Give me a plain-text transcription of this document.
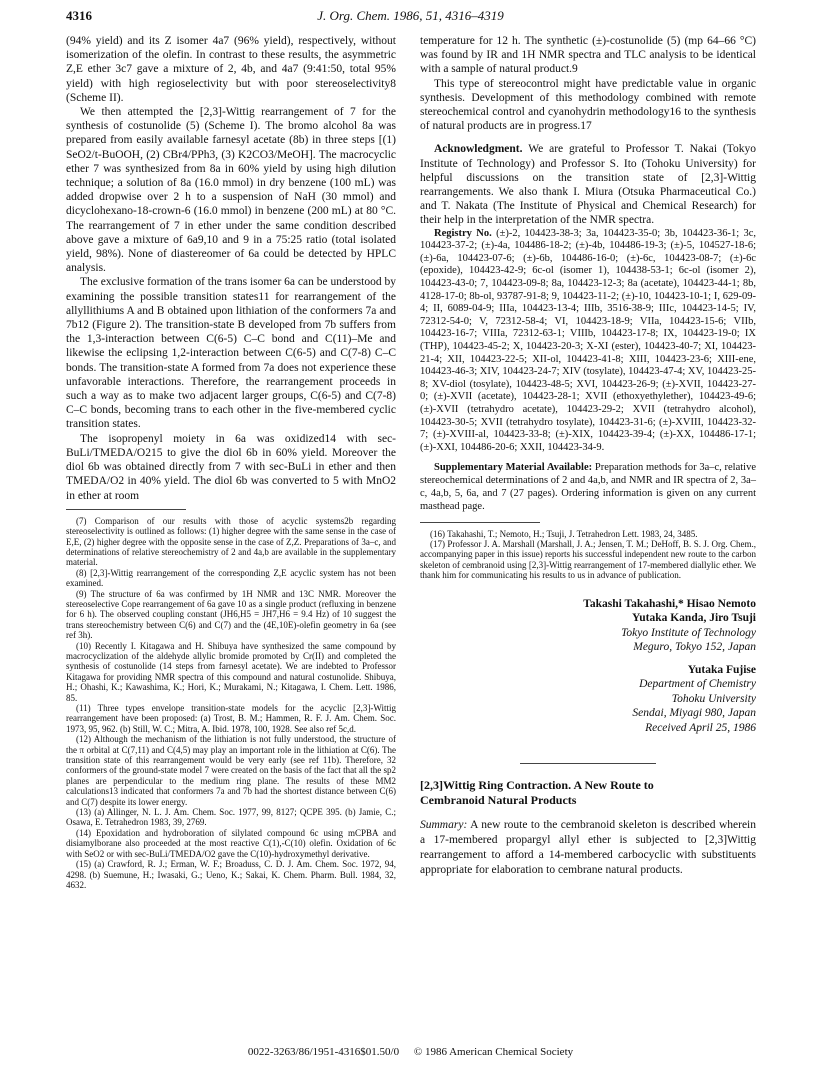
4316	J. Org. Chem. 1986, 51, 4316–4319

(94% yield) and its Z isomer 4a7 (96% yield), respectively, without isomerization of the olefin. In contrast to these results, the asymmetric Z,E ether 3c7 gave a mixture of 2, 4b, and 4a7 (9:41:50, total 95% yield) with high regioselectivity but with poor stereoselectivity8 (Scheme II).

We then attempted the [2,3]-Wittig rearrangement of 7 for the synthesis of costunolide (5) (Scheme I). The bromo alcohol 8a was prepared from easily available farnesyl acetate (8b) in three steps [(1) SeO2/t-BuOOH, (2) CBr4/PPh3, (3) K2CO3/MeOH]. The macrocyclic ether 7 was synthesized from 8a in 60% yield by using high dilution technique; a solution of 8a (16.0 mmol) in dry benzene (100 mL) was added dropwise over 2 h to a suspension of NaH (30 mmol) and dicyclohexano-18-crown-6 (16.0 mmol) in benzene (200 mL) at 80 °C. The rearrangement of 7 in ether under the same condition described above gave a mixture of 6a9,10 and 9 in a 75:25 ratio (total isolated yield, 98%). None of diastereomer of 6a could be detected by HPLC analysis.

The exclusive formation of the trans isomer 6a can be understood by examining the possible transition states11 for rearrangement of the allyllithiums A and B obtained upon lithiation of the conformers 7a and 7b12 (Figure 2). The transition-state B developed from 7b suffers from the 1,3-interaction between C(6-5) C–C bond and C(11)–Me and likewise the eclipsing 1,2-interaction between C(6-5) and C(7-8) C–C bonds. The transition-state A formed from 7a does not experience these unfavorable interactions. Therefore, the rearrangement proceeds in such a way as to make two adjacent larger groups, C(6-5) and C(7-8) C–C bonds, becoming trans to each other in the five-membered cyclic transition states.

The isopropenyl moiety in 6a was oxidized14 with sec-BuLi/TMEDA/O215 to give the diol 6b in 60% yield. Moreover the diol 6b was obtained directly from 7 with sec-BuLi in ether and then TMEDA/O2 in 40% yield. The diol 6b was converted to 5 with MnO2 in ether at room

(7) Comparison of our results with those of acyclic systems2b regarding stereoselectivity is outlined as follows: (1) higher degree with the same sense in the case of E,E, (2) higher degree with the opposite sense in the case of Z,Z. Preparations of 3a–c, and determinations of relative stereochemistry of 2 and 4a,b are available in the supplementary material.

(8) [2,3]-Wittig rearrangement of the corresponding Z,E acyclic system has not been examined.

(9) The structure of 6a was confirmed by 1H NMR and 13C NMR. Moreover the stereoselective Cope rearrangement of 6a gave 10 as a single product (refluxing in benzene for 6 h). The observed coupling constant (JH6,H5 = JH7,H6 = 9.4 Hz) of 10 suggest the trans stereochemistry between C(6) and C(7) and the (4E,10E)-olefin geometry in 6a (see ref 3h).

(10) Recently I. Kitagawa and H. Shibuya have synthesized the same compound by macrocyclization of the aldehyde allylic bromide promoted by Cr(II) and completed the synthesis of costunolide (14 steps from farnesyl acetate). We are indebted to Professor Kitagawa for providing NMR spectra of this compound and natural costunolide. Shibuya, H.; Ohashi, K.; Kawashima, K.; Hori, K.; Murakami, N.; Kitagawa, I. Chem. Lett. 1986, 85.

(11) Three types envelope transition-state models for the acyclic [2,3]-Wittig rearrangement have been proposed: (a) Trost, B. M.; Hammen, R. F. J. Am. Chem. Soc. 1973, 95, 962. (b) Still, W. C.; Mitra, A. Ibid. 1978, 100, 1928. See also ref 5c,d.

(12) Although the mechanism of the lithiation is not fully understood, the structure of the π orbital at C(7,11) and C(4,5) may play an important role in the lithiation at C(6). The transition state of this rearrangement would be very early (see ref 11b). Therefore, 32 conformers of the ground-state model 7 were created on the basis of the fact that all the sp2 planes are perpendicular to the medium ring plane. The results of these MM2 calculations13 indicated that conformers 7a and 7b had the shortest distance between C(6) and C(7) despite its lower energy.

(13) (a) Allinger, N. L. J. Am. Chem. Soc. 1977, 99, 8127; QCPE 395. (b) Jamie, C.; Osawa, E. Tetrahedron 1983, 39, 2769.

(14) Epoxidation and hydroboration of silylated compound 6c using mCPBA and disiamylborane also proceeded at the most reactive C(1),-C(10) olefin. Oxidation of 6c with SeO2 or with sec-BuLi/TMEDA/O2 gave the C(10)-hydroxymethyl derivative.

(15) (a) Crawford, R. J.; Erman, W. F.; Broaduss, C. D. J. Am. Chem. Soc. 1972, 94, 4298. (b) Suemune, H.; Iwasaki, G.; Ueno, K.; Sakai, K. Chem. Pharm. Bull. 1984, 32, 4632.

temperature for 12 h. The synthetic (±)-costunolide (5) (mp 64–66 °C) was found by IR and 1H NMR spectra and TLC analysis to be identical with a sample of natural product.9

This type of stereocontrol might have predictable value in organic synthesis. Development of this methodology combined with remote stereochemical control and cyanohydrin methodology16 to the synthesis of natural products are in progress.17

Acknowledgment. We are grateful to Professor T. Nakai (Tokyo Institute of Technology) and Professor S. Ito (Tohoku University) for helpful discussions on the transition state of [2,3]-Wittig rearrangements. We also thank I. Miura (Otsuka Pharmaceutical Co.) and T. Nakata (The Institute of Physical and Chemical Research) for their help in the interpretation of the NMR spectra.

Registry No. (±)-2, 104423-38-3; 3a, 104423-35-0; 3b, 104423-36-1; 3c, 104423-37-2; (±)-4a, 104486-18-2; (±)-4b, 104486-19-3; (±)-5, 104527-18-6; (±)-6a, 104423-07-6; (±)-6b, 104486-16-0; (±)-6c, 104423-08-7; (±)-6c (epoxide), 104423-42-9; 6c-ol (isomer 1), 104438-53-1; 6c-ol (isomer 2), 104423-43-0; 7, 104423-09-8; 8a, 104423-12-3; 8a (acetate), 104423-44-1; 8b, 4128-17-0; 8b-ol, 93787-91-8; 9, 104423-11-2; (±)-10, 104423-10-1; I, 629-09-4; II, 6089-04-9; IIIa, 104423-13-4; IIIb, 3516-38-9; IIIc, 104423-14-5; IV, 72312-54-0; V, 72312-58-4; VI, 104423-18-9; VIIa, 104423-15-6; VIIb, 104423-16-7; VIIIa, 72312-63-1; VIIIb, 104423-17-8; IX, 104423-19-0; IX (THP), 104423-45-2; X, 104423-20-3; X-XI (ester), 104423-40-7; XI, 104423-21-4; XII, 104423-22-5; XII-ol, 104423-41-8; XIII, 104423-23-6; XIII-ene, 104423-46-3; XIV, 104423-24-7; XIV (tosylate), 104423-47-4; XV, 104423-25-8; XV-diol (tosylate), 104423-48-5; XVI, 104423-26-9; (±)-XVII, 104423-27-0; (±)-XVII (acetate), 104423-28-1; XVII (ethoxyethylether), 104423-49-6; (±)-XVII (tetrahydro acetate), 104423-29-2; XVII (tetrahydro alcohol), 104423-30-5; XVII (tetrahydro tosylate), 104423-31-6; (±)-XVIII, 104423-32-7; (±)-XVIII-al, 104423-33-8; (±)-XIX, 104423-39-4; (±)-XX, 104486-17-1; (±)-XXI, 104486-20-6; XXII, 104423-34-9.

Supplementary Material Available: Preparation methods for 3a–c, relative stereochemical determinations of 2 and 4a,b, and NMR and IR spectra of 2, 3a–c, 4a,b, 5, 6a, and 7 (27 pages). Ordering information is given on any current masthead page.

(16) Takahashi, T.; Nemoto, H.; Tsuji, J. Tetrahedron Lett. 1983, 24, 3485.

(17) Professor J. A. Marshall (Marshall, J. A.; Jensen, T. M.; DeHoff, B. S. J. Org. Chem., accompanying paper in this issue) reports his successful independent new route to the carbon skeleton of cembranoid using [2,3]-Wittig rearrangement of 17-membered diallylic ether. We thank him for communicating his results to us in advance of publication.

Takashi Takahashi,* Hisao Nemoto
Yutaka Kanda, Jiro Tsuji
Tokyo Institute of Technology
Meguro, Tokyo 152, Japan
Yutaka Fujise
Department of Chemistry
Tohoku University
Sendai, Miyagi 980, Japan
Received April 25, 1986
[2,3]Wittig Ring Contraction. A New Route to
Cembranoid Natural Products

Summary: A new route to the cembranoid skeleton is described wherein a 17-membered propargyl allyl ether is subjected to [2,3]Wittig rearrangement to afford a 14-membered carbocyclic with substituents appropriate for elaboration to cembrane natural products.

0022-3263/86/1951-4316$01.50/0 © 1986 American Chemical Society
